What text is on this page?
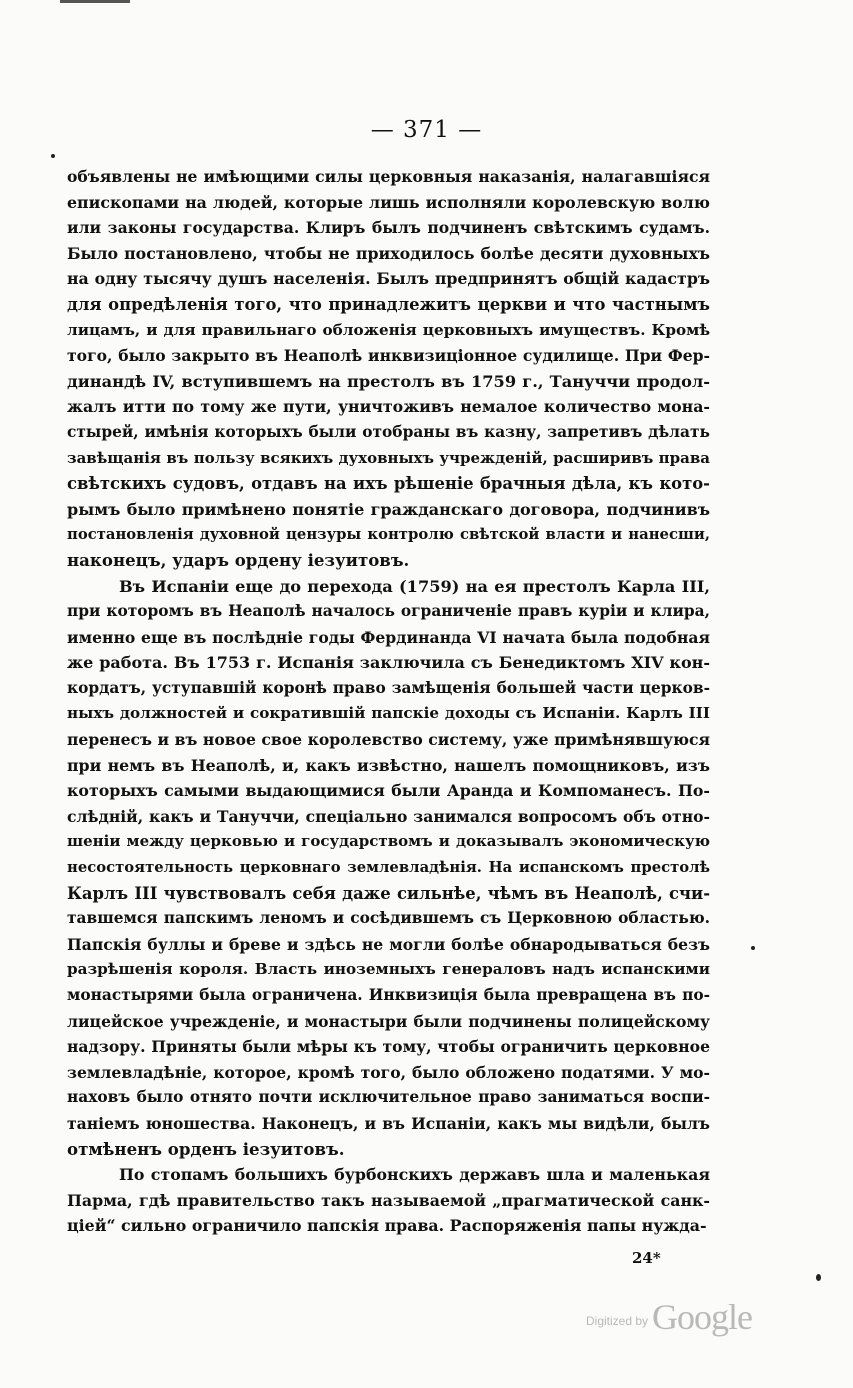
— 371 —
объявлены не имѣющими силы церковныя наказанія, налагавшіяся
епископами на людей, которые лишь исполняли королевскую волю
или законы государства. Клиръ былъ подчиненъ свѣтскимъ судамъ.
Было постановлено, чтобы не приходилось болѣе десяти духовныхъ
на одну тысячу душъ населенія. Былъ предпринятъ общій кадастръ
для опредѣленія того, что принадлежитъ церкви и что частнымъ
лицамъ, и для правильнаго обложенія церковныхъ имуществъ. Кромѣ
того, было закрыто въ Неаполѣ инквизиціонное судилище. При Фер-
динандѣ IV, вступившемъ на престолъ въ 1759 г., Тануччи продол-
жалъ итти по тому же пути, уничтоживъ немалое количество мона-
стырей, имѣнія которыхъ были отобраны въ казну, запретивъ дѣлать
завѣщанія въ пользу всякихъ духовныхъ учрежденій, расширивъ права
свѣтскихъ судовъ, отдавъ на ихъ рѣшеніе брачныя дѣла, къ кото-
рымъ было примѣнено понятіе гражданскаго договора, подчинивъ
постановленія духовной цензуры контролю свѣтской власти и нанесши,
наконецъ, ударъ ордену іезуитовъ.
Въ Испаніи еще до перехода (1759) на ея престолъ Карла III,
при которомъ въ Неаполѣ началось ограниченіе правъ куріи и клира,
именно еще въ послѣдніе годы Фердинанда VI начата была подобная
же работа. Въ 1753 г. Испанія заключила съ Бенедиктомъ XIV кон-
кордатъ, уступавшій коронѣ право замѣщенія большей части церков-
ныхъ должностей и сократившій папскіе доходы съ Испаніи. Карлъ III
перенесъ и въ новое свое королевство систему, уже примѣнявшуюся
при немъ въ Неаполѣ, и, какъ извѣстно, нашелъ помощниковъ, изъ
которыхъ самыми выдающимися были Аранда и Компоманесъ. По-
слѣдній, какъ и Тануччи, спеціально занимался вопросомъ объ отно-
шеніи между церковью и государствомъ и доказывалъ экономическую
несостоятельность церковнаго землевладѣнія. На испанскомъ престолѣ
Карлъ III чувствовалъ себя даже сильнѣе, чѣмъ въ Неаполѣ, счи-
тавшемся папскимъ леномъ и сосѣдившемъ съ Церковною областью.
Папскія буллы и бреве и здѣсь не могли болѣе обнародываться безъ
разрѣшенія короля. Власть иноземныхъ генераловъ надъ испанскими
монастырями была ограничена. Инквизиція была превращена въ по-
лицейское учрежденіе, и монастыри были подчинены полицейскому
надзору. Приняты были мѣры къ тому, чтобы ограничить церковное
землевладѣніе, которое, кромѣ того, было обложено податями. У мо-
наховъ было отнято почти исключительное право заниматься воспи-
таніемъ юношества. Наконецъ, и въ Испаніи, какъ мы видѣли, былъ
отмѣненъ орденъ іезуитовъ.
По стопамъ большихъ бурбонскихъ державъ шла и маленькая
Парма, гдѣ правительство такъ называемой „прагматической санк-
ціей“ сильно ограничило папскія права. Распоряженія папы нужда-
24*
$^{Digitized by}$ Google
